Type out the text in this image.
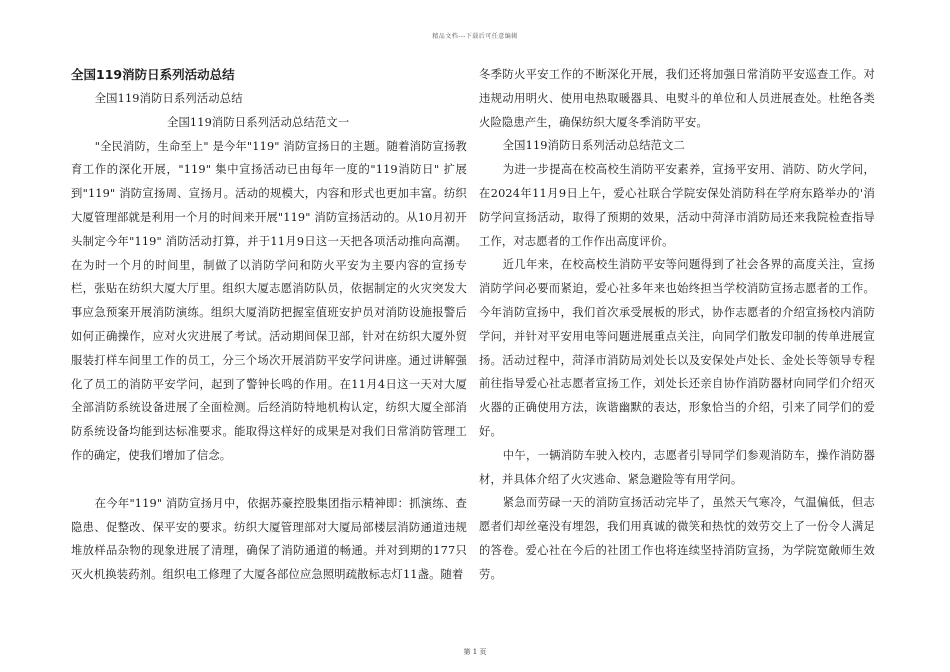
精品文档---下载后可任意编辑

全国119消防日系列活动总结

全国119消防日系列活动总结

全国119消防日系列活动总结范文一

"全民消防，生命至上" 是今年"119" 消防宣扬日的主题。随着消防宣扬教育工作的深化开展，"119" 集中宣扬活动已由每年一度的"119消防日" 扩展到"119" 消防宣扬周、宣扬月。活动的规模大，内容和形式也更加丰富。纺织大厦管理部就是利用一个月的时间来开展"119" 消防宣扬活动的。从10月初开头制定今年"119" 消防活动打算，并于11月9日这一天把各项活动推向高潮。在为时一个月的时间里，制做了以消防学问和防火平安为主要内容的宣扬专栏，张贴在纺织大厦大厅里。组织大厦志愿消防队员，依据制定的火灾突发大事应急预案开展消防演练。组织大厦消防把握室值班安护员对消防设施报警后如何正确操作，应对火灾进展了考试。活动期间保卫部，针对在纺织大厦外贸服装打样车间里工作的员工，分三个场次开展消防平安学问讲座。通过讲解强化了员工的消防平安学问，起到了警钟长鸣的作用。在11月4日这一天对大厦全部消防系统设备进展了全面检测。后经消防特地机构认定，纺织大厦全部消防系统设备均能到达标准要求。能取得这样好的成果是对我们日常消防管理工作的确定，使我们增加了信念。

在今年"119" 消防宣扬月中，依据苏豪控股集团指示精神即：抓演练、查隐患、促整改、保平安的要求。纺织大厦管理部对大厦局部楼层消防通道违规堆放样品杂物的现象进展了清理，确保了消防通道的畅通。并对到期的177只灭火机换装药剂。组织电工修理了大厦各部位应急照明疏散标志灯11盏。随着

冬季防火平安工作的不断深化开展，我们还将加强日常消防平安巡查工作。对违规动用明火、使用电热取暖器具、电熨斗的单位和人员进展查处。杜绝各类火险隐患产生，确保纺织大厦冬季消防平安。

全国119消防日系列活动总结范文二

为进一步提高在校高校生消防平安素养，宣扬平安用、消防、防火学问，在2024年11月9日上午，爱心社联合学院安保处消防科在学府东路举办的'消防学问宣扬活动，取得了预期的效果，活动中菏泽市消防局还来我院检查指导工作，对志愿者的工作作出高度评价。

近几年来，在校高校生消防平安等问题得到了社会各界的高度关注，宣扬消防学问必要而紧迫，爱心社多年来也始终担当学校消防宣扬志愿者的工作。今年消防宣扬中，我们首次承受展板的形式，协作志愿者的介绍宣扬校内消防学问，并针对平安用电等问题进展重点关注，向同学们散发印制的传单进展宣扬。活动过程中，菏泽市消防局刘处长以及安保处卢处长、金处长等领导专程前往指导爱心社志愿者宣扬工作，刘处长还亲自协作消防器材向同学们介绍灭火器的正确使用方法，诙谐幽默的表达，形象恰当的介绍，引来了同学们的爱好。

中午，一辆消防车驶入校内，志愿者引导同学们参观消防车，操作消防器材，并具体介绍了火灾逃命、紧急避险等有用学问。

紧急而劳碌一天的消防宣扬活动完毕了，虽然天气寒冷，气温偏低，但志愿者们却丝毫没有埋怨，我们用真诚的微笑和热忱的效劳交上了一份令人满足的答卷。爱心社在今后的社团工作也将连续坚持消防宣扬，为学院宽敞师生效劳。

第 1 页
